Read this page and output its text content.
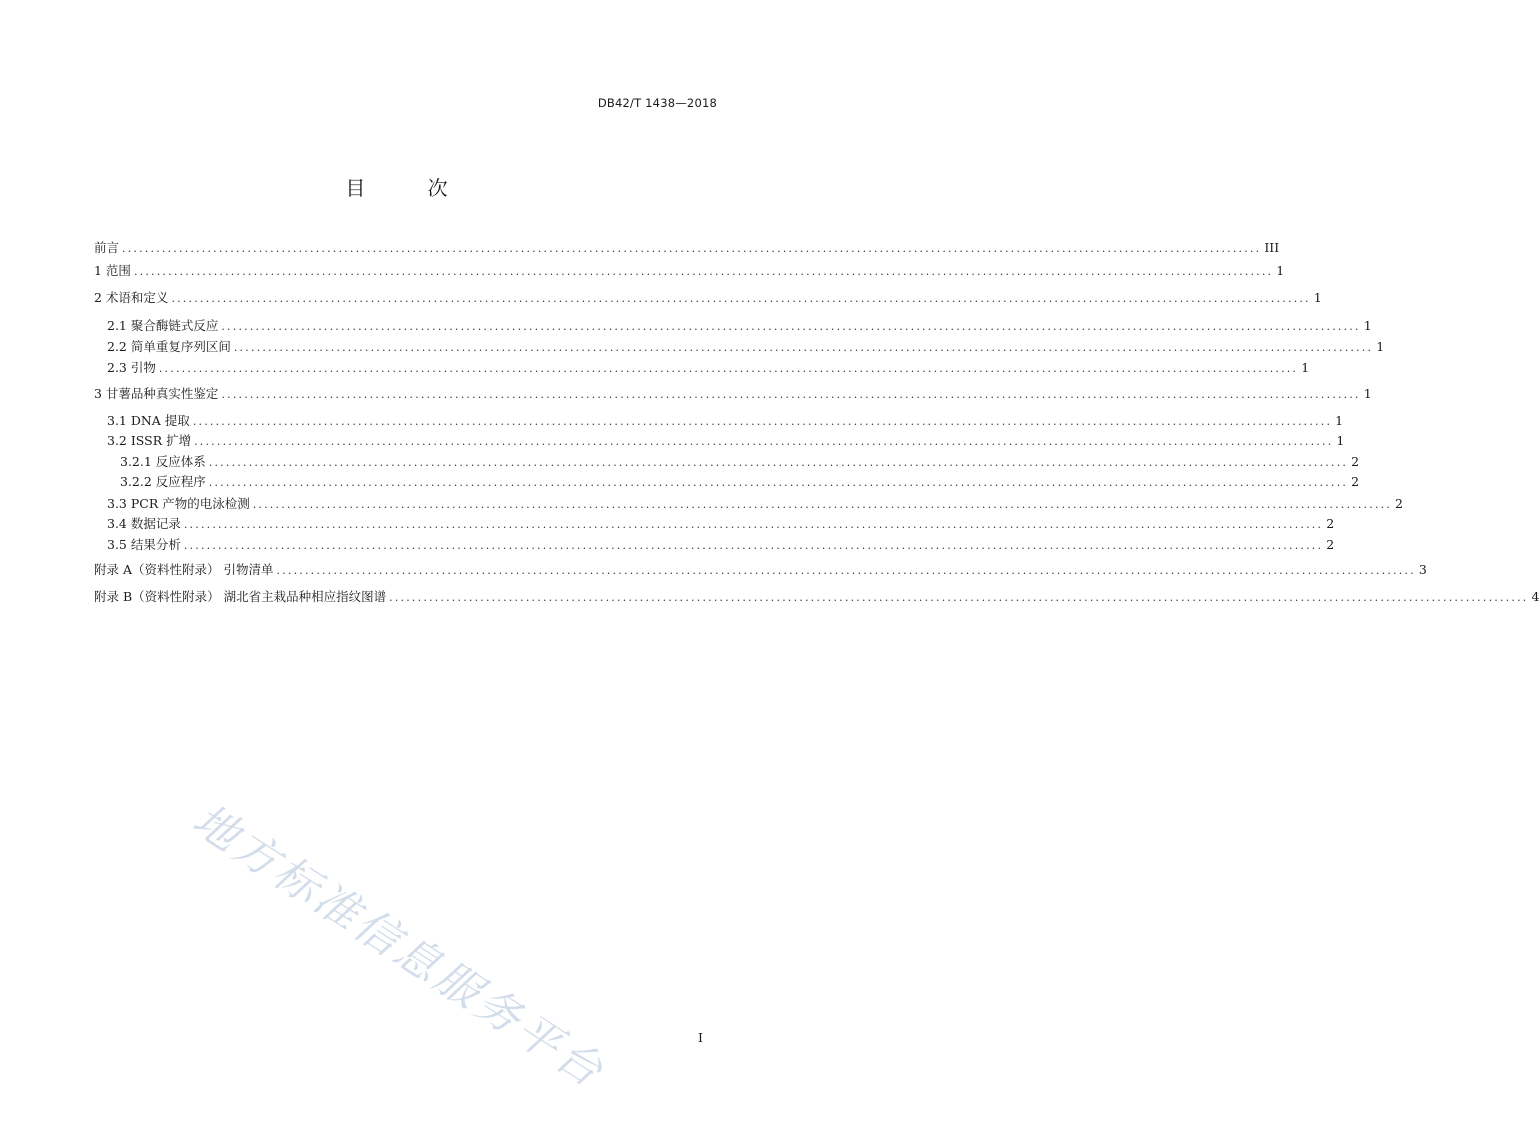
DB42/T 1438—2018
目 次
前言 ........................................................................................................................................................................................................ III
1 范围 ........................................................................................................................................................................................................ 1
2 术语和定义 ........................................................................................................................................................................................................ 1
2.1 聚合酶链式反应 ........................................................................................................................................................................................................ 1
2.2 简单重复序列区间 ........................................................................................................................................................................................................ 1
2.3 引物 ........................................................................................................................................................................................................ 1
3 甘薯品种真实性鉴定 ........................................................................................................................................................................................................ 1
3.1 DNA 提取 ........................................................................................................................................................................................................ 1
3.2 ISSR 扩增 ........................................................................................................................................................................................................ 1
3.2.1 反应体系 ........................................................................................................................................................................................................ 2
3.2.2 反应程序 ........................................................................................................................................................................................................ 2
3.3 PCR 产物的电泳检测 ........................................................................................................................................................................................................ 2
3.4 数据记录 ........................................................................................................................................................................................................ 2
3.5 结果分析 ........................................................................................................................................................................................................ 2
附录 A（资料性附录） 引物清单 ........................................................................................................................................................................................................ 3
附录 B（资料性附录） 湖北省主栽品种相应指纹图谱 ........................................................................................................................................................................................................ 4
地方标准信息服务平台	I
